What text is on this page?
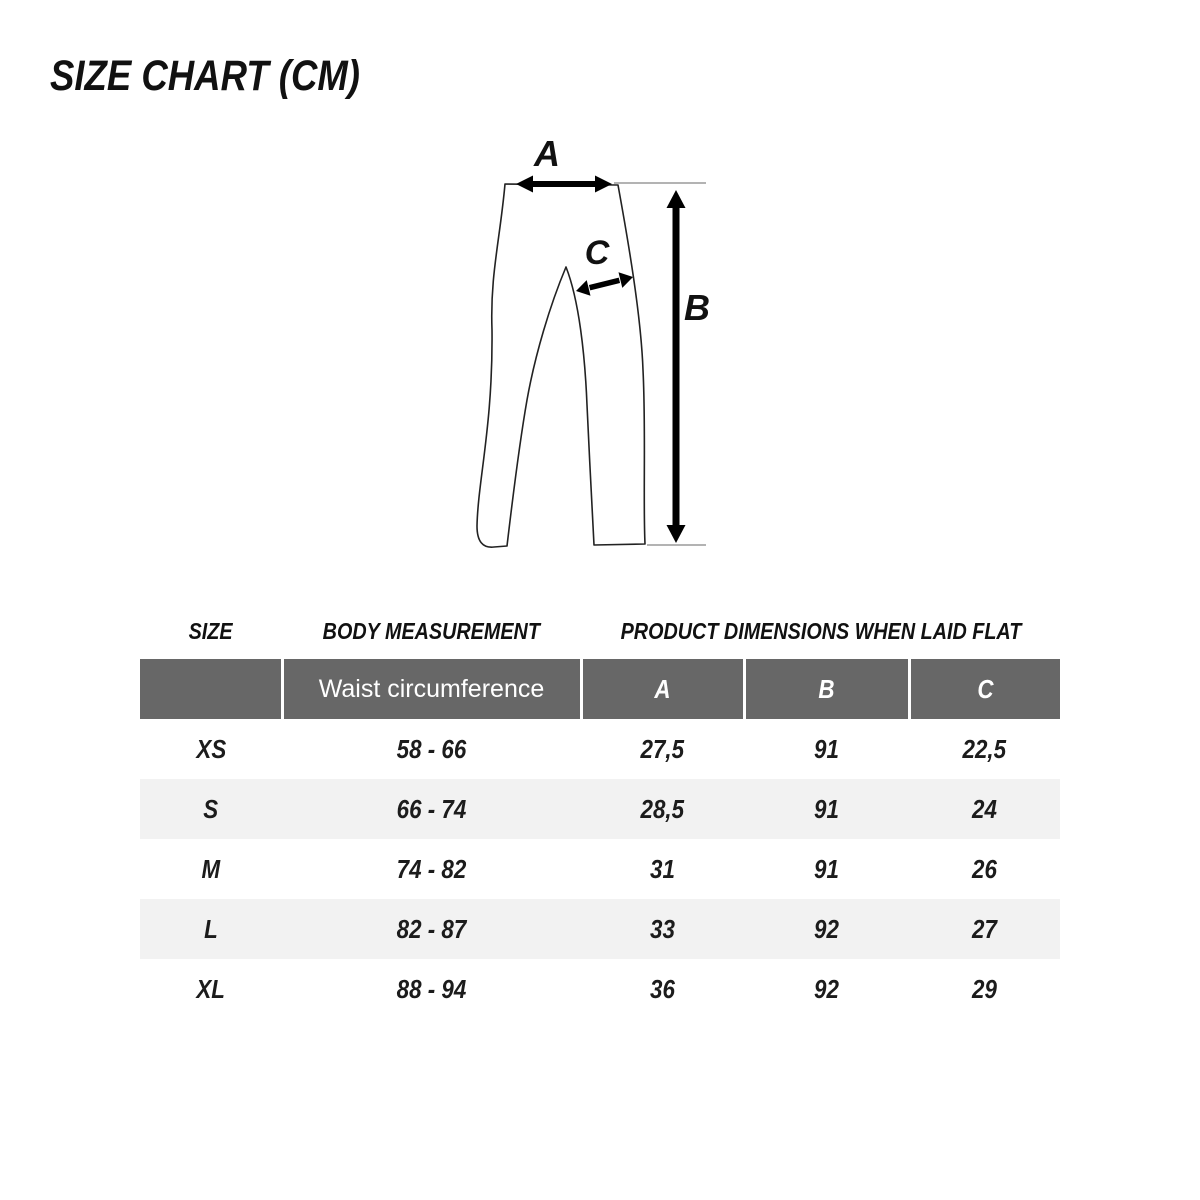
SIZE CHART (CM)
A
B
C
SIZE	BODY MEASUREMENT	PRODUCT DIMENSIONS WHEN LAID FLAT
	Waist circumference	A	B	C
XS	58 - 66	27,5	91	22,5
S	66 - 74	28,5	91	24
M	74 - 82	31	91	26
L	82 - 87	33	92	27
XL	88 - 94	36	92	29
